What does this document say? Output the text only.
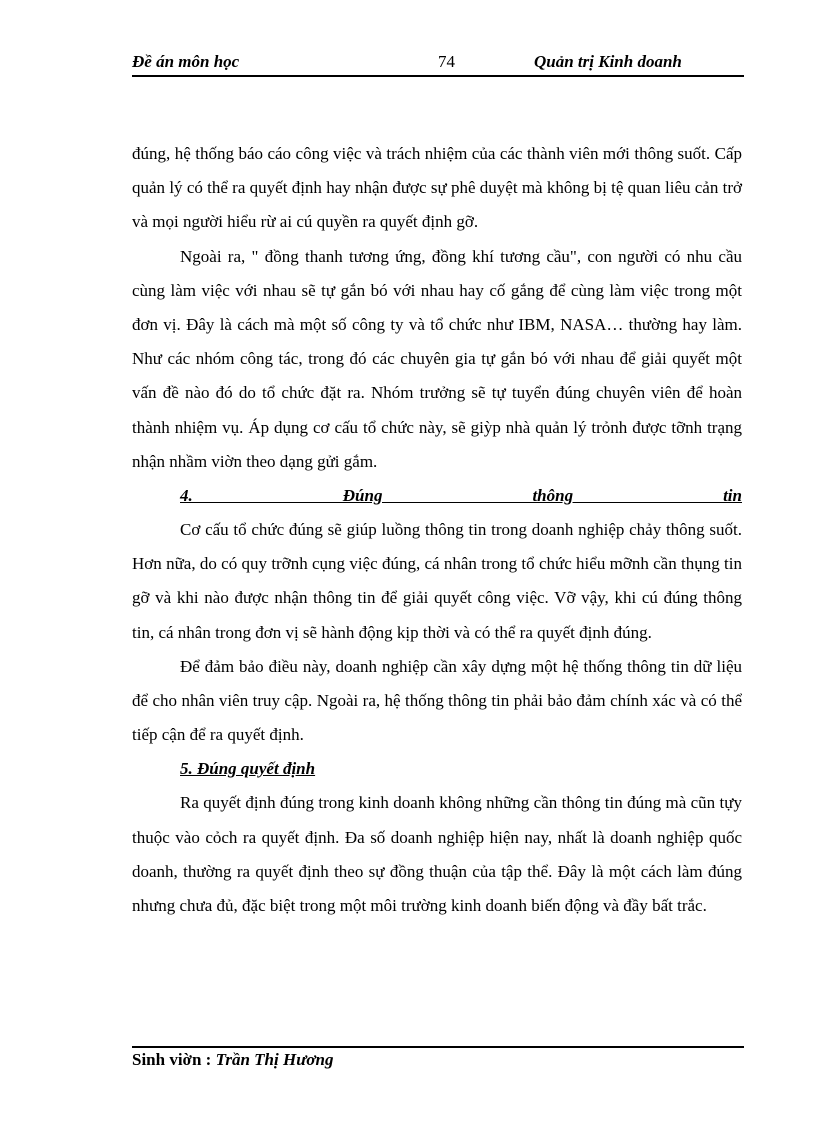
Đề án môn học	74	Quản trị Kinh doanh

đúng, hệ thống báo cáo công việc và trách nhiệm của các thành viên mới thông suốt. Cấp quản lý có thể ra quyết định hay nhận được sự phê duyệt mà không bị tệ quan liêu cản trở và mọi người hiểu rừ ai cú quyền ra quyết định gỡ.

Ngoài ra, " đồng thanh tương ứng, đồng khí tương cầu", con người có nhu cầu cùng làm việc với nhau sẽ tự gắn bó với nhau hay cố gắng để cùng làm việc trong một đơn vị. Đây là cách mà một số công ty và tổ chức như IBM, NASA… thường hay làm. Như các nhóm công tác, trong đó các chuyên gia tự gắn bó với nhau để giải quyết một vấn đề nào đó do tổ chức đặt ra. Nhóm trưởng sẽ tự tuyển đúng chuyên viên để hoàn thành nhiệm vụ. Áp dụng cơ cấu tổ chức này, sẽ giỳp nhà quản lý trỏnh được tỡnh trạng nhận nhầm viờn theo dạng gửi gắm.

4. Đúng thông tin

Cơ cấu tổ chức đúng sẽ giúp luồng thông tin trong doanh nghiệp chảy thông suốt. Hơn nữa, do có quy trỡnh cụng việc đúng, cá nhân trong tổ chức hiểu mỡnh cần thụng tin gỡ và khi nào được nhận thông tin để giải quyết công việc. Vỡ vậy, khi cú đúng thông tin, cá nhân trong đơn vị sẽ hành động kịp thời và có thể ra quyết định đúng.

Để đảm bảo điều này, doanh nghiệp cần xây dựng một hệ thống thông tin dữ liệu để cho nhân viên truy cập. Ngoài ra, hệ thống thông tin phải bảo đảm chính xác và có thể tiếp cận để ra quyết định.

5. Đúng quyết định

Ra quyết định đúng trong kinh doanh không những cần thông tin đúng mà cũn tựy thuộc vào cỏch ra quyết định. Đa số doanh nghiệp hiện nay, nhất là doanh nghiệp quốc doanh, thường ra quyết định theo sự đồng thuận của tập thể. Đây là một cách làm đúng nhưng chưa đủ, đặc biệt trong một môi trường kinh doanh biến động và đầy bất trắc.

Sinh viờn : Trần Thị Hương
